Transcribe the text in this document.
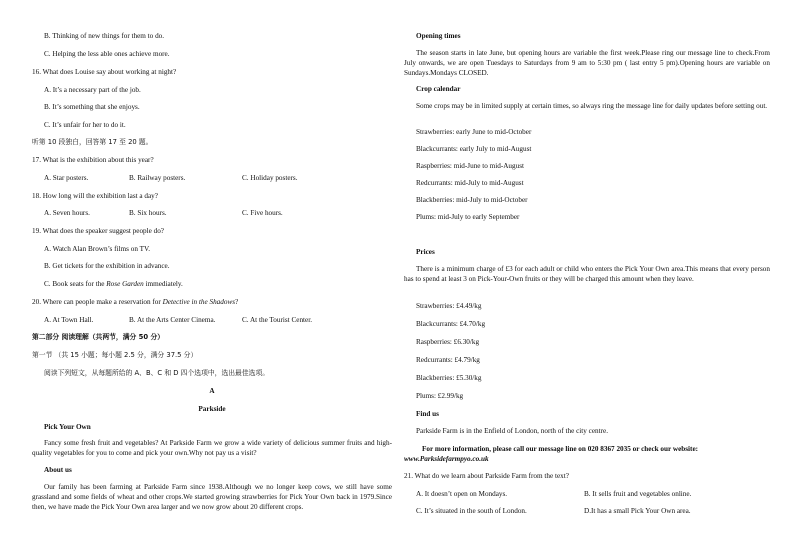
B. Thinking of new things for them to do.
C. Helping the less able ones achieve more.
16. What does Louise say about working at night?
A. It’s a necessary part of the job.
B. It’s something that she enjoys.
C. It’s unfair for her to do it.
听第 10 段独白，回答第 17 至 20 题。
17. What is the exhibition about this year?
A. Star posters.	B. Railway posters.	C. Holiday posters.
18. How long will the exhibition last a day?
A. Seven hours.	B. Six hours.	C. Five hours.
19. What does the speaker suggest people do?
A. Watch Alan Brown’s films on TV.
B. Get tickets for the exhibition in advance.
C. Book seats for the Rose Garden immediately.
20. Where can people make a reservation for Detective in the Shadows?
A. At Town Hall.	B. At the Arts Center Cinema.	C. At the Tourist Center.
第二部分 阅读理解（共两节，满分 50 分）
第一节 （共 15 小题；每小题 2.5 分，满分 37.5 分）
阅读下列短文，从每题所给的 A、B、C 和 D 四个选项中，选出最佳选项。
A
Parkside
Pick Your Own
Fancy some fresh fruit and vegetables? At Parkside Farm we grow a wide variety of delicious summer fruits and high-quality vegetables for you to come and pick your own.Why not pay us a visit?
About us
Our family has been farming at Parkside Farm since 1938.Although we no longer keep cows, we still have some grassland and some fields of wheat and other crops.We started growing strawberries for Pick Your Own back in 1979.Since then, we have made the Pick Your Own area larger and we now grow about 20 different crops.
Opening times
The season starts in late June, but opening hours are variable the first week.Please ring our message line to check.From July onwards, we are open Tuesdays to Saturdays from 9 am to 5:30 pm ( last entry 5 pm).Opening hours are variable on Sundays.Mondays CLOSED.
Crop calendar
Some crops may be in limited supply at certain times, so always ring the message line for daily updates before setting out.
Strawberries: early June to mid-October
Blackcurrants: early July to mid-August
Raspberries: mid-June to mid-August
Redcurrants: mid-July to mid-August
Blackberries: mid-July to mid-October
Plums: mid-July to early September
Prices
There is a minimum charge of £3 for each adult or child who enters the Pick Your Own area.This means that every person has to spend at least 3 on Pick-Your-Own fruits or they will be charged this amount when they leave.
Strawberries: £4.49/kg
Blackcurrants: £4.70/kg
Raspberries: £6.30/kg
Redcurrants: £4.79/kg
Blackberries: £5.30/kg
Plums: £2.99/kg
Find us
Parkside Farm is in the Enfield of London, north of the city centre.
For more information, please call our message line on 020 8367 2035 or check our website: www.Parksidefarmpyo.co.uk
21. What do we learn about Parkside Farm from the text?
A. It doesn’t open on Mondays.	B. It sells fruit and vegetables online.
C. It’s situated in the south of London.	D.It has a small Pick Your Own area.
